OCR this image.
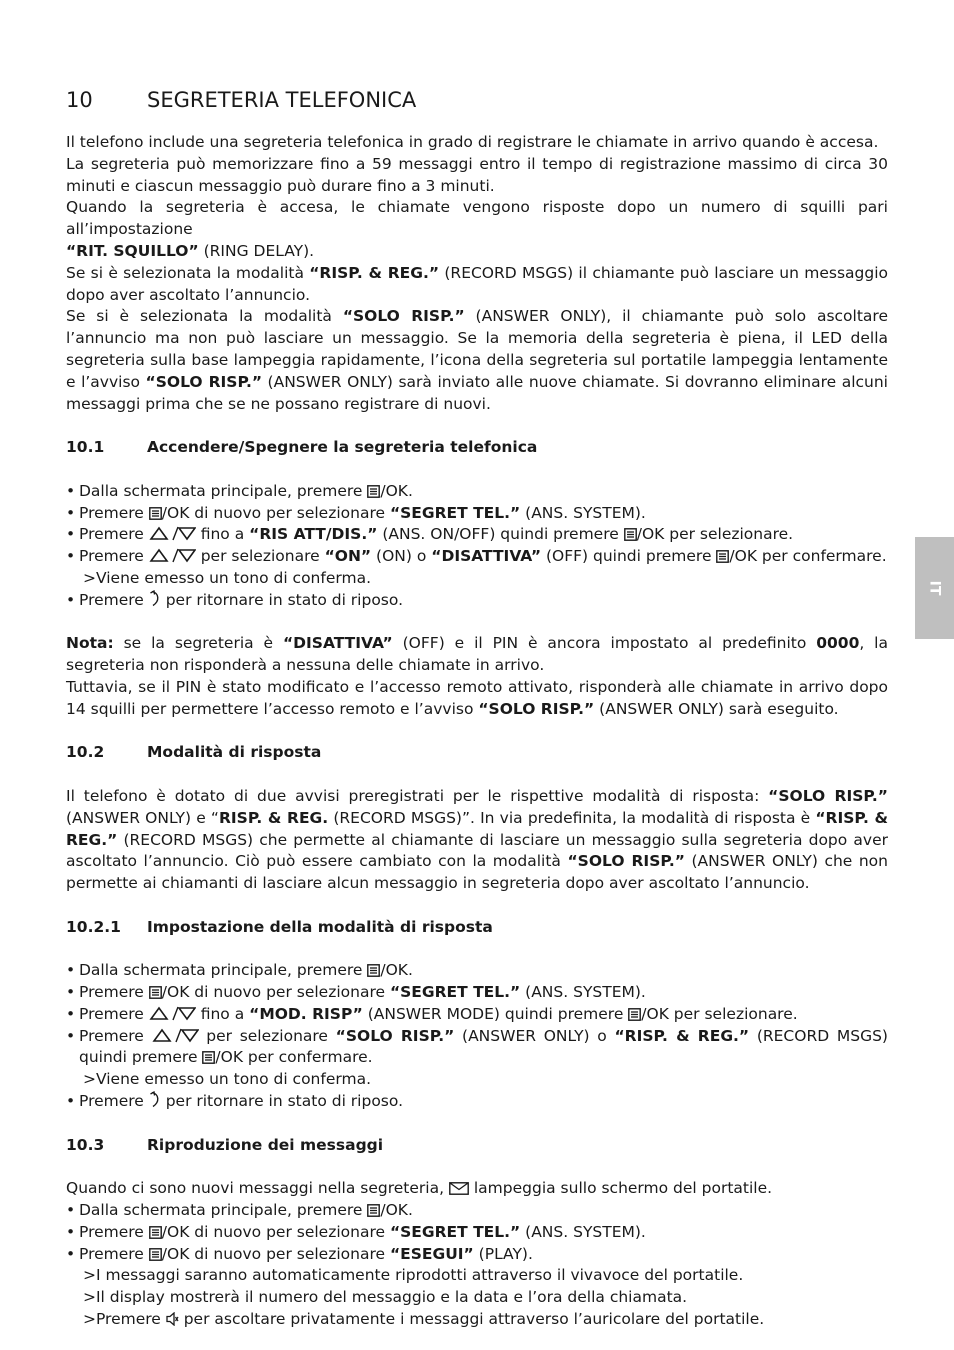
10	SEGRETERIA TELEFONICA
Il telefono include una segreteria telefonica in grado di registrare le chiamate in arrivo quando è accesa.
La segreteria può memorizzare fino a 59 messaggi entro il tempo di registrazione massimo di circa 30 minuti e ciascun messaggio può durare fino a 3 minuti.
Quando la segreteria è accesa, le chiamate vengono risposte dopo un numero di squilli pari all’impostazione
“RIT. SQUILLO” (RING DELAY).
Se si è selezionata la modalità “RISP. & REG.” (RECORD MSGS) il chiamante può lasciare un messaggio dopo aver ascoltato l’annuncio.
Se si è selezionata la modalità “SOLO RISP.” (ANSWER ONLY), il chiamante può solo ascoltare l’annuncio ma non può lasciare un messaggio. Se la memoria della segreteria è piena, il LED della segreteria sulla base lampeggia rapidamente, l’icona della segreteria sul portatile lampeggia lentamente e l’avviso “SOLO RISP.” (ANSWER ONLY) sarà inviato alle nuove chiamate. Si dovranno eliminare alcuni messaggi prima che se ne possano registrare di nuovi.
10.1	Accendere/Spegnere la segreteria telefonica
• Dalla schermata principale, premere /OK.
• Premere /OK di nuovo per selezionare “SEGRET TEL.” (ANS. SYSTEM).
• Premere	fino a “RIS ATT/DIS.” (ANS. ON/OFF) quindi premere /OK per selezionare.
• Premere	per selezionare “ON” (ON) o “DISATTIVA” (OFF) quindi premere /OK per confermare.
>Viene emesso un tono di conferma.
• Premere  per ritornare in stato di riposo.
Nota: se la segreteria è “DISATTIVA” (OFF) e il PIN è ancora impostato al predefinito 0000, la segreteria non risponderà a nessuna delle chiamate in arrivo.
Tuttavia, se il PIN è stato modificato e l’accesso remoto attivato, risponderà alle chiamate in arrivo dopo 14 squilli per permettere l’accesso remoto e l’avviso “SOLO RISP.” (ANSWER ONLY) sarà eseguito.
10.2	Modalità di risposta
Il telefono è dotato di due avvisi preregistrati per le rispettive modalità di risposta: “SOLO RISP.” (ANSWER ONLY) e “RISP. & REG. (RECORD MSGS)”. In via predefinita, la modalità di risposta è “RISP. & REG.” (RECORD MSGS) che permette al chiamante di lasciare un messaggio sulla segreteria dopo aver ascoltato l’annuncio. Ciò può essere cambiato con la modalità “SOLO RISP.” (ANSWER ONLY) che non permette ai chiamanti di lasciare alcun messaggio in segreteria dopo aver ascoltato l’annuncio.
10.2.1	Impostazione della modalità di risposta
• Dalla schermata principale, premere /OK.
• Premere /OK di nuovo per selezionare “SEGRET TEL.” (ANS. SYSTEM).
• Premere	fino a “MOD. RISP” (ANSWER MODE) quindi premere /OK per selezionare.
• Premere	per selezionare “SOLO RISP.” (ANSWER ONLY) o “RISP. & REG.” (RECORD MSGS) quindi premere /OK per confermare.
>Viene emesso un tono di conferma.
• Premere  per ritornare in stato di riposo.
10.3	Riproduzione dei messaggi
Quando ci sono nuovi messaggi nella segreteria,  lampeggia sullo schermo del portatile.
• Dalla schermata principale, premere /OK.
• Premere /OK di nuovo per selezionare “SEGRET TEL.” (ANS. SYSTEM).
• Premere /OK di nuovo per selezionare “ESEGUI” (PLAY).
>I messaggi saranno automaticamente riprodotti attraverso il vivavoce del portatile.
>Il display mostrerà il numero del messaggio e la data e l’ora della chiamata.
>Premere  per ascoltare privatamente i messaggi attraverso l’auricolare del portatile.
IT
